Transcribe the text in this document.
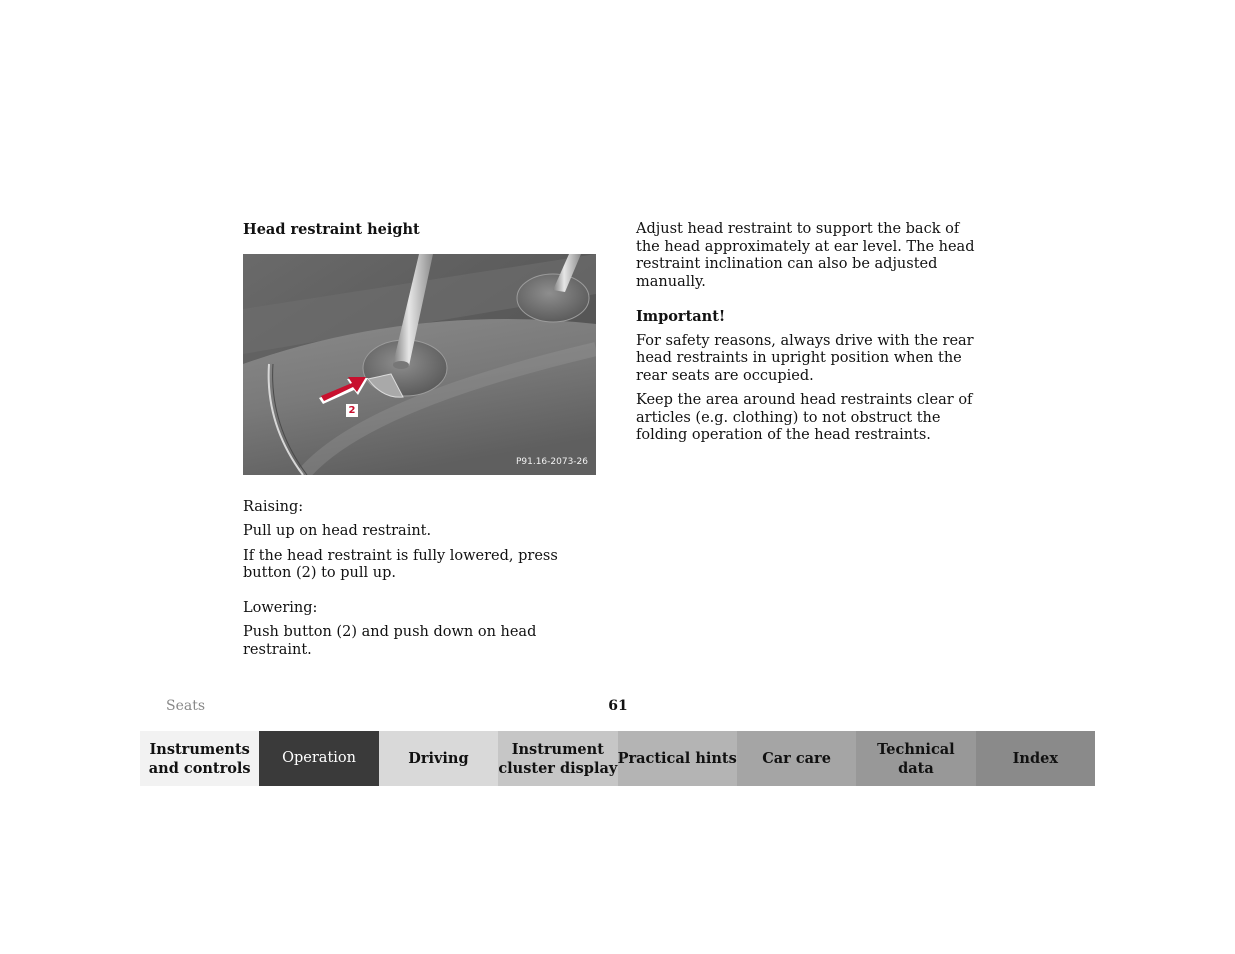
Head restraint height

2
P91.16-2073-26

Raising:

Pull up on head restraint.

If the head restraint is fully lowered, press button (2) to pull up.

Lowering:

Push button (2) and push down on head restraint.

Adjust head restraint to support the back of the head approximately at ear level. The head restraint inclination can also be adjusted manually.

Important!

For safety reasons, always drive with the rear head restraints in upright position when the rear seats are occupied.

Keep the area around head restraints clear of articles (e.g. clothing) to not obstruct the folding operation of the head restraints.

Seats	61
Instruments
and controls
Operation	Driving
Instrument
cluster display
Practical hints	Car care
Technical
data
Index
